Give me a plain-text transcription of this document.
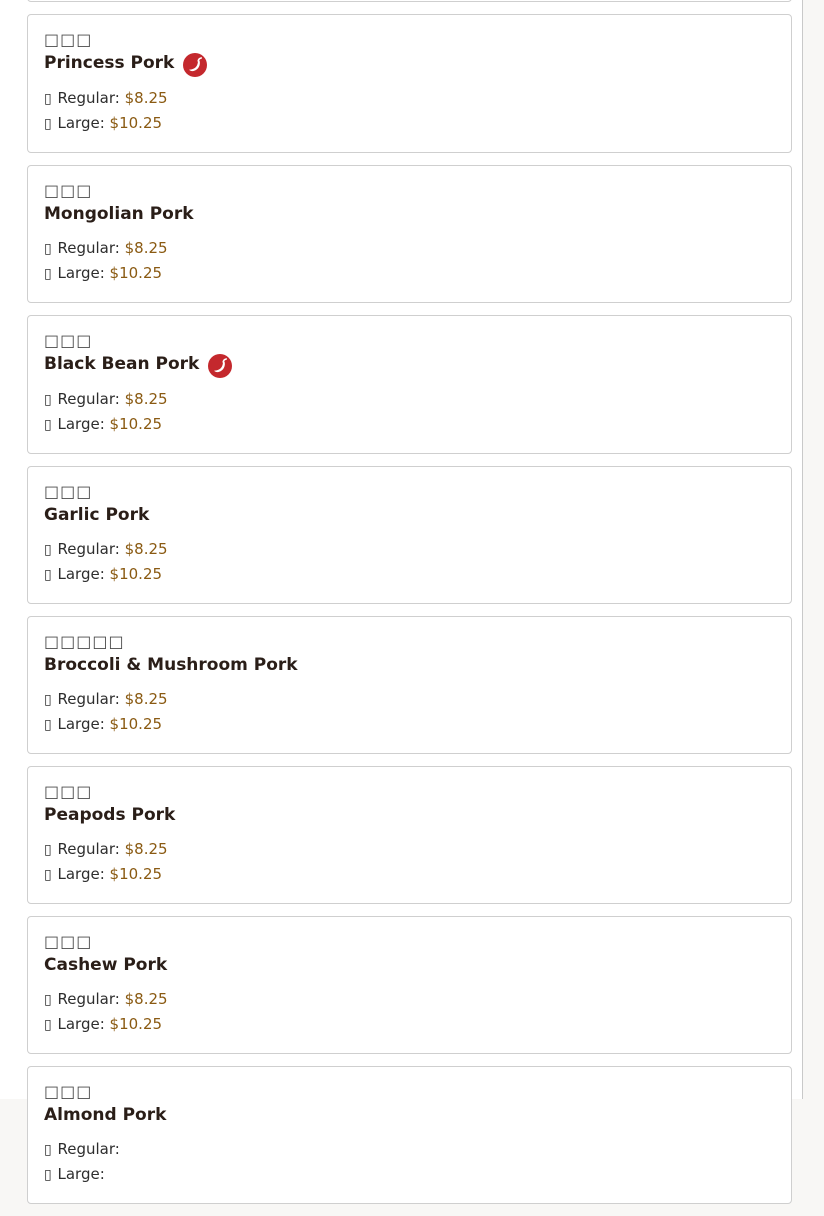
□□□
Princess Pork
▯ Regular: $8.25
▯ Large: $10.25
□□□
Mongolian Pork
▯ Regular: $8.25
▯ Large: $10.25
□□□
Black Bean Pork
▯ Regular: $8.25
▯ Large: $10.25
□□□
Garlic Pork
▯ Regular: $8.25
▯ Large: $10.25
□□□□□
Broccoli & Mushroom Pork
▯ Regular: $8.25
▯ Large: $10.25
□□□
Peapods Pork
▯ Regular: $8.25
▯ Large: $10.25
□□□
Cashew Pork
▯ Regular: $8.25
▯ Large: $10.25
□□□
Almond Pork
▯ Regular:
▯ Large:
